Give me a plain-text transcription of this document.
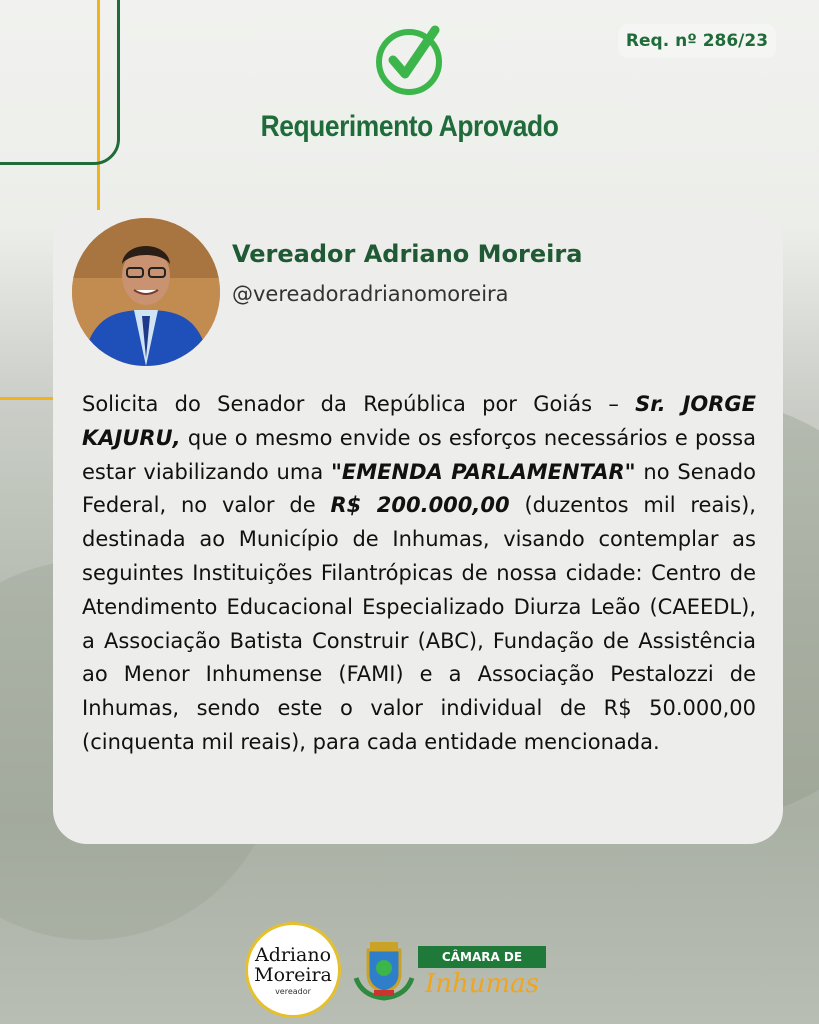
Req. nº 286/23
Requerimento Aprovado
Vereador Adriano Moreira
@vereadoradrianomoreira
Solicita do Senador da República por Goiás – Sr. JORGE KAJURU, que o mesmo envide os esforços necessários e possa estar viabilizando uma "EMENDA PARLAMENTAR" no Senado Federal, no valor de R$ 200.000,00 (duzentos mil reais), destinada ao Município de Inhumas, visando contemplar as seguintes Instituições Filantrópicas de nossa cidade: Centro de Atendimento Educacional Especializado Diurza Leão (CAEEDL), a Associação Batista Construir (ABC), Fundação de Assistência ao Menor Inhumense (FAMI) e a Associação Pestalozzi de Inhumas, sendo este o valor individual de R$ 50.000,00 (cinquenta mil reais), para cada entidade mencionada.
Adriano
Moreira
vereador
CÂMARA DE
Inhumas
